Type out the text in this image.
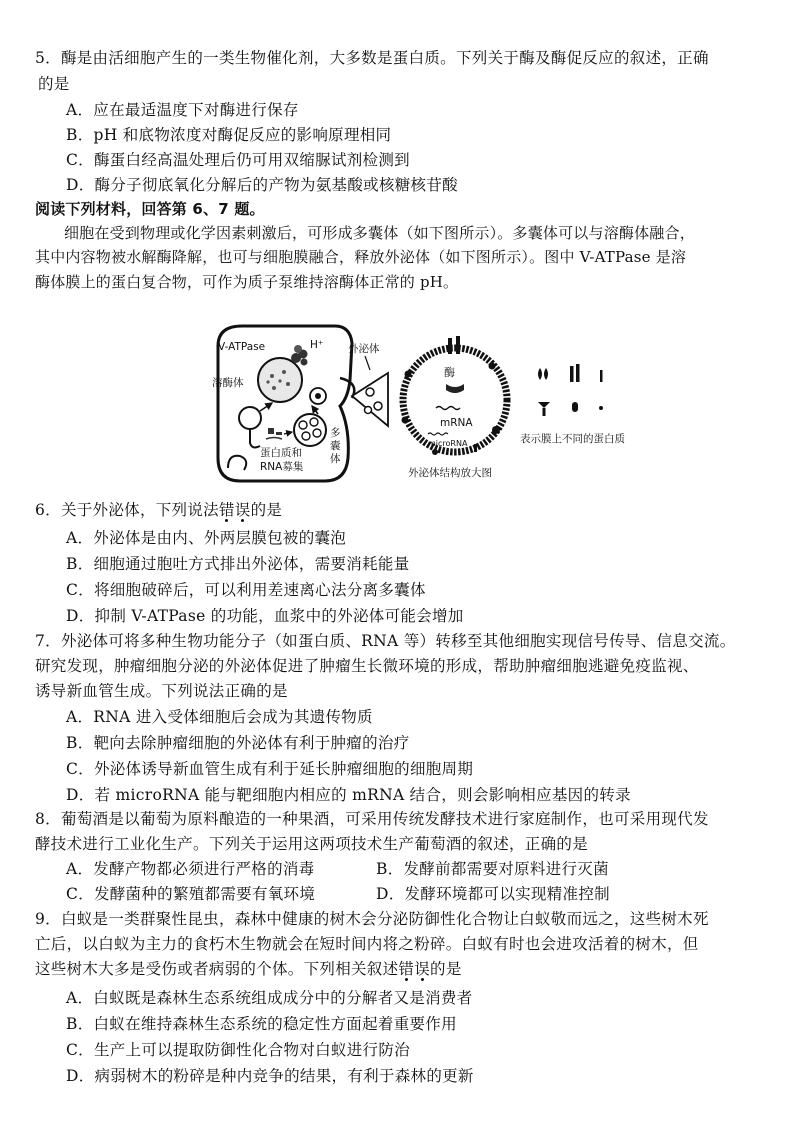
5．酶是由活细胞产生的一类生物催化剂，大多数是蛋白质。下列关于酶及酶促反应的叙述，正确
的是
A．应在最适温度下对酶进行保存
B．pH 和底物浓度对酶促反应的影响原理相同
C．酶蛋白经高温处理后仍可用双缩脲试剂检测到
D．酶分子彻底氧化分解后的产物为氨基酸或核糖核苷酸
阅读下列材料，回答第 6、7 题。
细胞在受到物理或化学因素刺激后，可形成多囊体（如下图所示）。多囊体可以与溶酶体融合，
其中内容物被水解酶降解，也可与细胞膜融合，释放外泌体（如下图所示）。图中 V-ATPase 是溶
酶体膜上的蛋白复合物，可作为质子泵维持溶酶体正常的 pH。
V-ATPase	H⁺
溶酶体
蛋白质和
RNA募集
多
囊
体
外泌体
酶
mRNA
microRNA
外泌体结构放大图
表示膜上不同的蛋白质
6．关于外泌体，下列说法错误的是
A．外泌体是由内、外两层膜包被的囊泡
B．细胞通过胞吐方式排出外泌体，需要消耗能量
C．将细胞破碎后，可以利用差速离心法分离多囊体
D．抑制 V-ATPase 的功能，血浆中的外泌体可能会增加
7．外泌体可将多种生物功能分子（如蛋白质、RNA 等）转移至其他细胞实现信号传导、信息交流。
研究发现，肿瘤细胞分泌的外泌体促进了肿瘤生长微环境的形成，帮助肿瘤细胞逃避免疫监视、
诱导新血管生成。下列说法正确的是
A．RNA 进入受体细胞后会成为其遗传物质
B．靶向去除肿瘤细胞的外泌体有利于肿瘤的治疗
C．外泌体诱导新血管生成有利于延长肿瘤细胞的细胞周期
D．若 microRNA 能与靶细胞内相应的 mRNA 结合，则会影响相应基因的转录
8．葡萄酒是以葡萄为原料酿造的一种果酒，可采用传统发酵技术进行家庭制作，也可采用现代发
酵技术进行工业化生产。下列关于运用这两项技术生产葡萄酒的叙述，正确的是
A．发酵产物都必须进行严格的消毒	B．发酵前都需要对原料进行灭菌
C．发酵菌种的繁殖都需要有氧环境	D．发酵环境都可以实现精准控制
9．白蚁是一类群聚性昆虫，森林中健康的树木会分泌防御性化合物让白蚁敬而远之，这些树木死
亡后，以白蚁为主力的食朽木生物就会在短时间内将之粉碎。白蚁有时也会进攻活着的树木，但
这些树木大多是受伤或者病弱的个体。下列相关叙述错误的是
A．白蚁既是森林生态系统组成成分中的分解者又是消费者
B．白蚁在维持森林生态系统的稳定性方面起着重要作用
C．生产上可以提取防御性化合物对白蚁进行防治
D．病弱树木的粉碎是种内竞争的结果，有利于森林的更新
